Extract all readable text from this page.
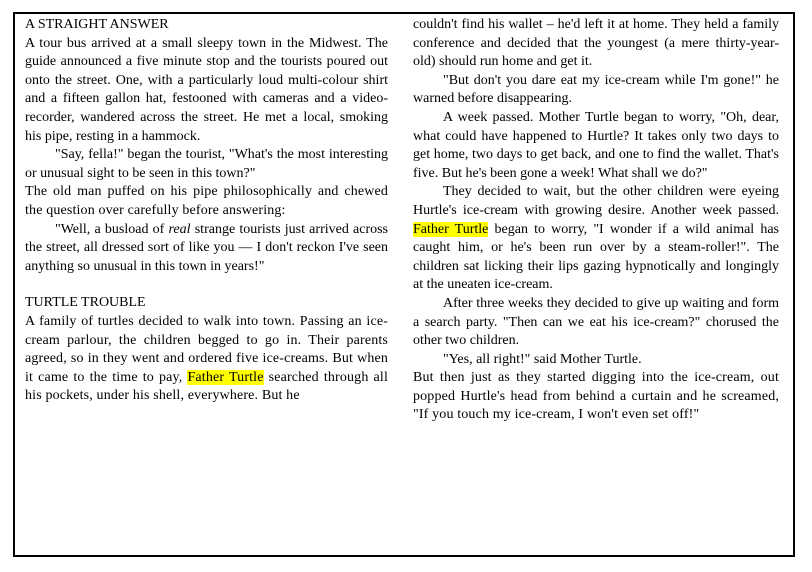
A STRAIGHT ANSWER

A tour bus arrived at a small sleepy town in the Midwest. The guide announced a five minute stop and the tourists poured out onto the street. One, with a particularly loud multi-colour shirt and a fifteen gallon hat, festooned with cameras and a video-recorder, wandered across the street. He met a local, smoking his pipe, resting in a hammock.

"Say, fella!" began the tourist, "What's the most interesting or unusual sight to be seen in this town?"

The old man puffed on his pipe philosophically and chewed the question over carefully before answering:

"Well, a busload of real strange tourists just arrived across the street, all dressed sort of like you — I don't reckon I've seen anything so unusual in this town in years!"

TURTLE TROUBLE

A family of turtles decided to walk into town. Passing an ice-cream parlour, the children begged to go in. Their parents agreed, so in they went and ordered five ice-creams. But when it came to the time to pay, Father Turtle searched through all his pockets, under his shell, everywhere. But he

couldn't find his wallet – he'd left it at home. They held a family conference and decided that the youngest (a mere thirty-year-old) should run home and get it.

"But don't you dare eat my ice-cream while I'm gone!" he warned before disappearing.

A week passed. Mother Turtle began to worry, "Oh, dear, what could have happened to Hurtle? It takes only two days to get home, two days to get back, and one to find the wallet. That's five. But he's been gone a week! What shall we do?"

They decided to wait, but the other children were eyeing Hurtle's ice-cream with growing desire. Another week passed. Father Turtle began to worry, "I wonder if a wild animal has caught him, or he's been run over by a steam-roller!". The children sat licking their lips gazing hypnotically and longingly at the uneaten ice-cream.

After three weeks they decided to give up waiting and form a search party. "Then can we eat his ice-cream?" chorused the other two children.

"Yes, all right!" said Mother Turtle.

But then just as they started digging into the ice-cream, out popped Hurtle's head from behind a curtain and he screamed, "If you touch my ice-cream, I won't even set off!"
